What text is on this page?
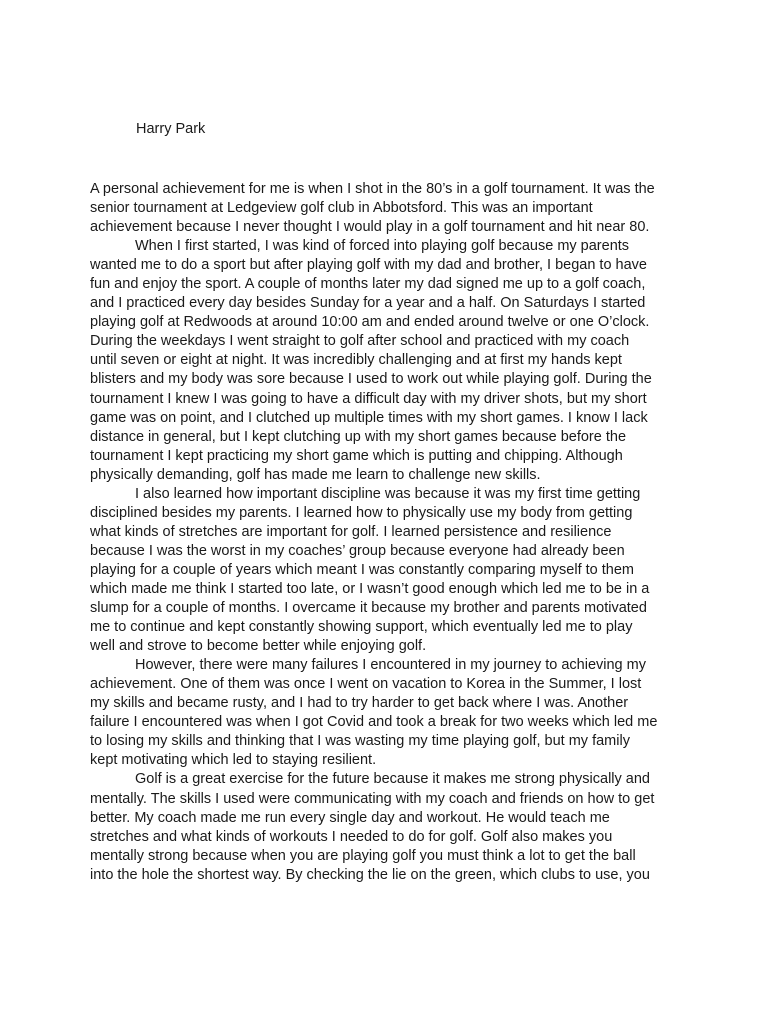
Harry Park
A personal achievement for me is when I shot in the 80’s in a golf tournament. It was the
senior tournament at Ledgeview golf club in Abbotsford. This was an important
achievement because I never thought I would play in a golf tournament and hit near 80.
When I first started, I was kind of forced into playing golf because my parents
wanted me to do a sport but after playing golf with my dad and brother, I began to have
fun and enjoy the sport. A couple of months later my dad signed me up to a golf coach,
and I practiced every day besides Sunday for a year and a half. On Saturdays I started
playing golf at Redwoods at around 10:00 am and ended around twelve or one O’clock.
During the weekdays I went straight to golf after school and practiced with my coach
until seven or eight at night. It was incredibly challenging and at first my hands kept
blisters and my body was sore because I used to work out while playing golf. During the
tournament I knew I was going to have a difficult day with my driver shots, but my short
game was on point, and I clutched up multiple times with my short games. I know I lack
distance in general, but I kept clutching up with my short games because before the
tournament I kept practicing my short game which is putting and chipping. Although
physically demanding, golf has made me learn to challenge new skills.
I also learned how important discipline was because it was my first time getting
disciplined besides my parents. I learned how to physically use my body from getting
what kinds of stretches are important for golf. I learned persistence and resilience
because I was the worst in my coaches’ group because everyone had already been
playing for a couple of years which meant I was constantly comparing myself to them
which made me think I started too late, or I wasn’t good enough which led me to be in a
slump for a couple of months. I overcame it because my brother and parents motivated
me to continue and kept constantly showing support, which eventually led me to play
well and strove to become better while enjoying golf.
However, there were many failures I encountered in my journey to achieving my
achievement. One of them was once I went on vacation to Korea in the Summer, I lost
my skills and became rusty, and I had to try harder to get back where I was. Another
failure I encountered was when I got Covid and took a break for two weeks which led me
to losing my skills and thinking that I was wasting my time playing golf, but my family
kept motivating which led to staying resilient.
Golf is a great exercise for the future because it makes me strong physically and
mentally. The skills I used were communicating with my coach and friends on how to get
better. My coach made me run every single day and workout. He would teach me
stretches and what kinds of workouts I needed to do for golf. Golf also makes you
mentally strong because when you are playing golf you must think a lot to get the ball
into the hole the shortest way. By checking the lie on the green, which clubs to use, you
